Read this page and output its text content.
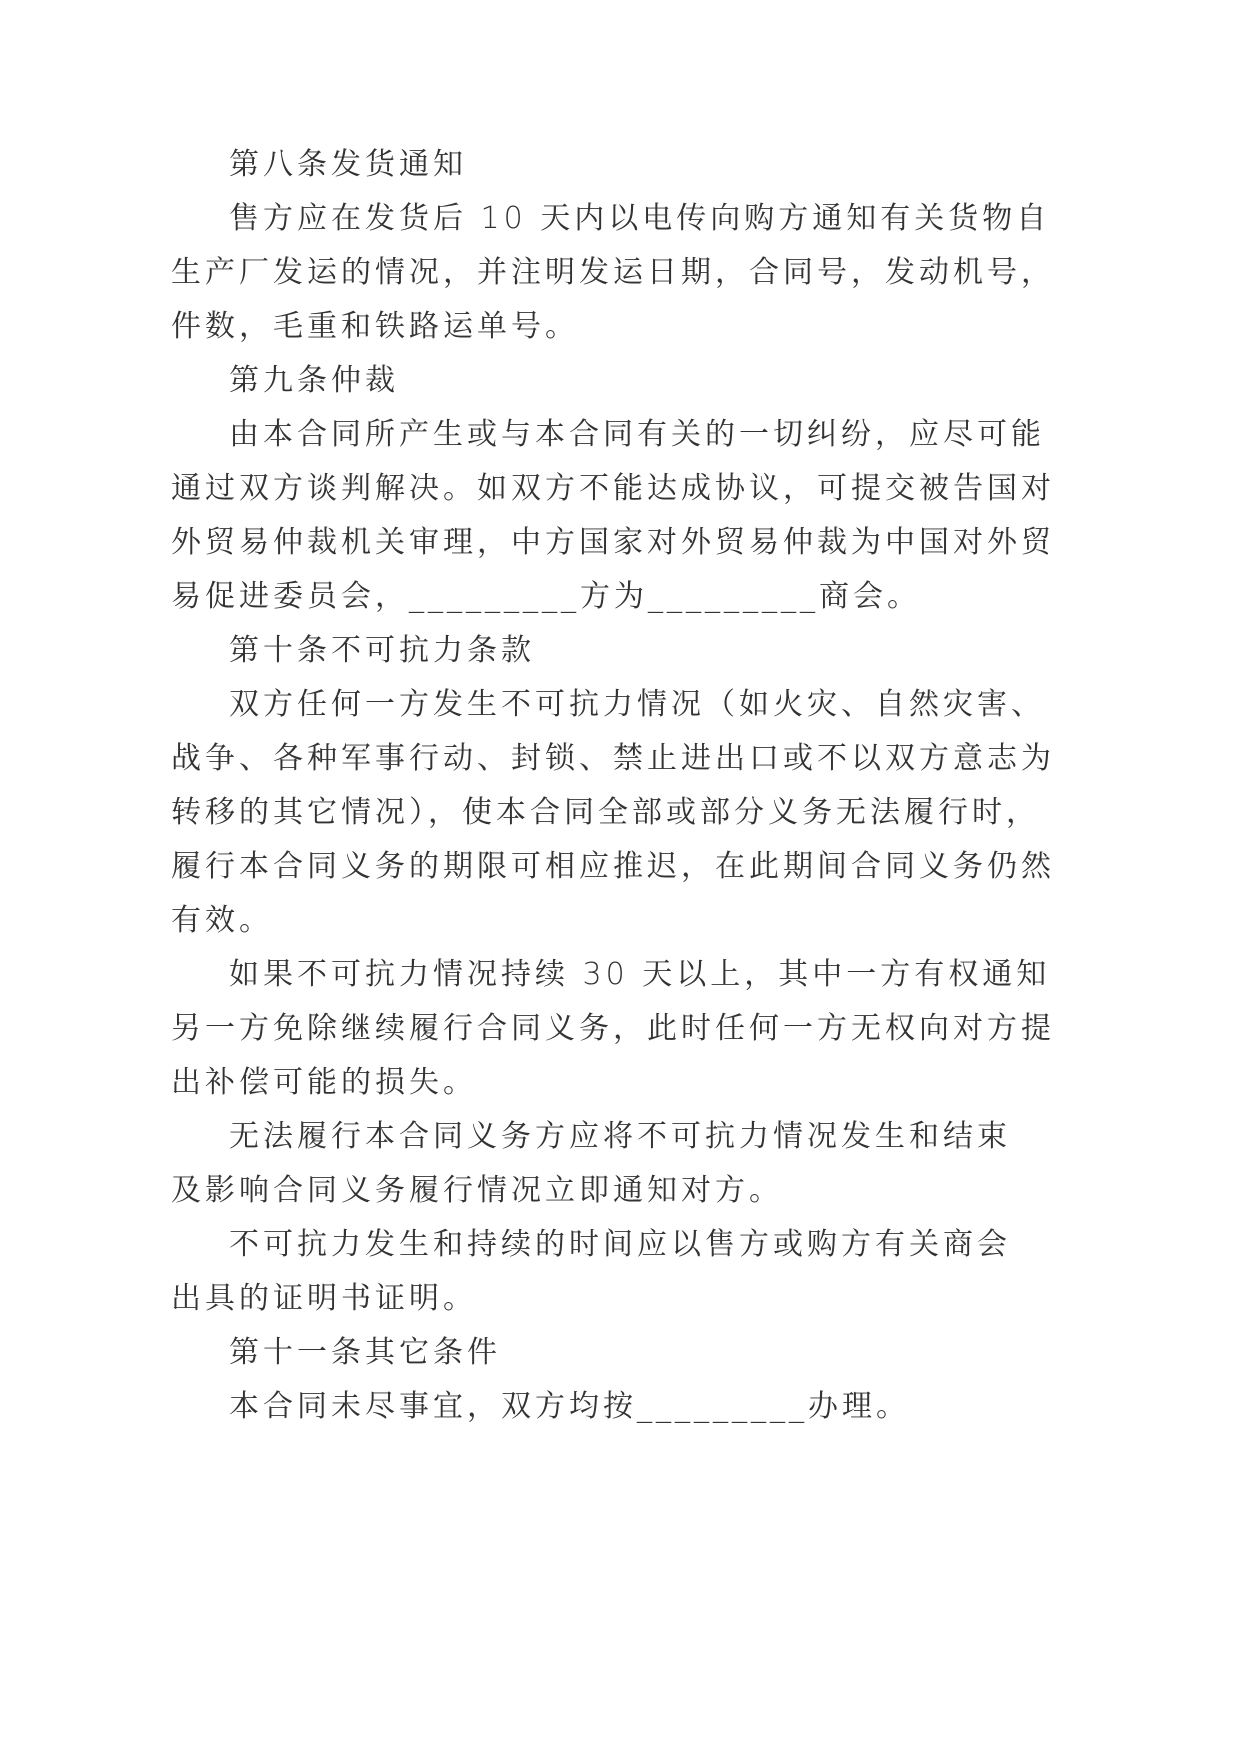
第八条发货通知
售方应在发货后 10 天内以电传向购方通知有关货物自
生产厂发运的情况，并注明发运日期，合同号，发动机号，
件数，毛重和铁路运单号。
第九条仲裁
由本合同所产生或与本合同有关的一切纠纷，应尽可能
通过双方谈判解决。如双方不能达成协议，可提交被告国对
外贸易仲裁机关审理，中方国家对外贸易仲裁为中国对外贸
易促进委员会，_________方为_________商会。
第十条不可抗力条款
双方任何一方发生不可抗力情况（如火灾、自然灾害、
战争、各种军事行动、封锁、禁止进出口或不以双方意志为
转移的其它情况），使本合同全部或部分义务无法履行时，
履行本合同义务的期限可相应推迟，在此期间合同义务仍然
有效。
如果不可抗力情况持续 30 天以上，其中一方有权通知
另一方免除继续履行合同义务，此时任何一方无权向对方提
出补偿可能的损失。
无法履行本合同义务方应将不可抗力情况发生和结束
及影响合同义务履行情况立即通知对方。
不可抗力发生和持续的时间应以售方或购方有关商会
出具的证明书证明。
第十一条其它条件
本合同未尽事宜，双方均按_________办理。
